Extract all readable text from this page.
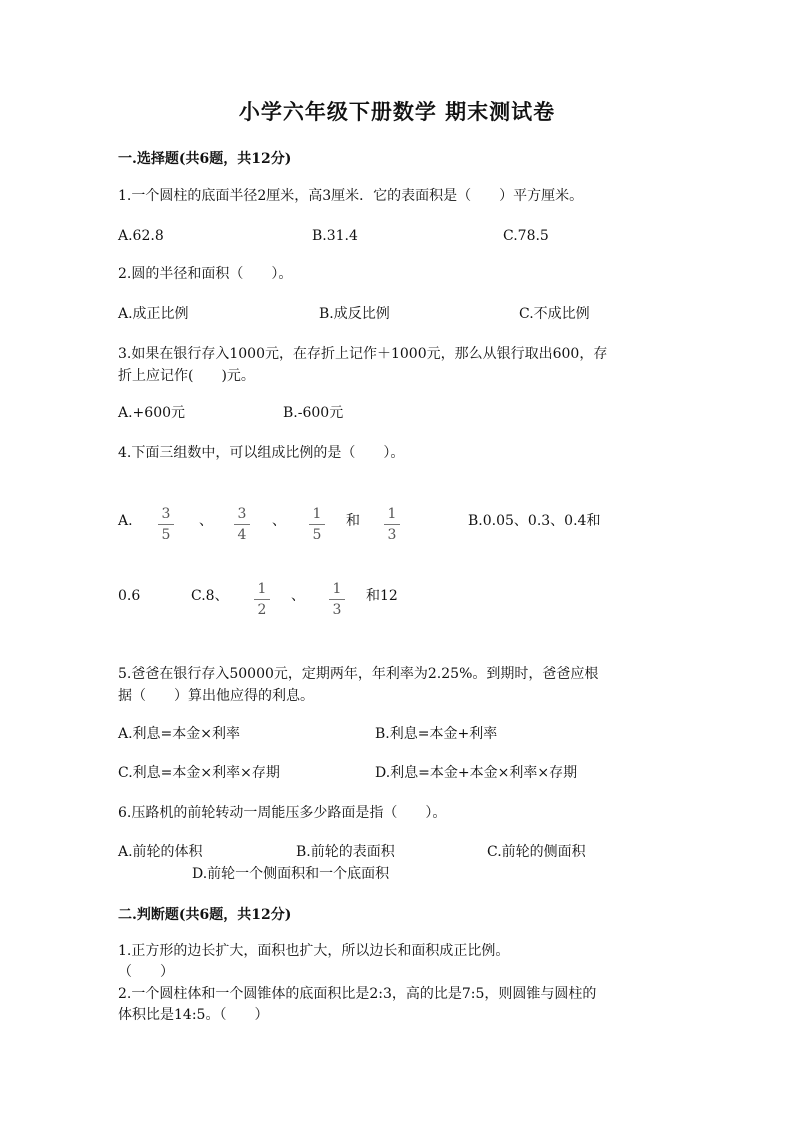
小学六年级下册数学 期末测试卷
一.选择题(共6题，共12分)
1.一个圆柱的底面半径2厘米，高3厘米．它的表面积是（　　）平方厘米。
A.62.8	B.31.4	C.78.5
2.圆的半径和面积（　　）。
A.成正比例	B.成反比例	C.不成比例
3.如果在银行存入1000元，在存折上记作＋1000元，那么从银行取出600，存
折上应记作(　　)元。
A.+600元	B.-600元
4.下面三组数中，可以组成比例的是（　　）。
A.	3
5
、	3
4
、	1
5
和	1
3
B.0.05、0.3、0.4和
0.6	C.8、	1
2
、	1
3
和12
5.爸爸在银行存入50000元，定期两年，年利率为2.25%。到期时，爸爸应根
据（　　）算出他应得的利息。
A.利息=本金×利率	B.利息=本金+利率
C.利息=本金×利率×存期	D.利息=本金+本金×利率×存期
6.压路机的前轮转动一周能压多少路面是指（　　）。
A.前轮的体积	B.前轮的表面积	C.前轮的侧面积
D.前轮一个侧面积和一个底面积
二.判断题(共6题，共12分)
1.正方形的边长扩大，面积也扩大，所以边长和面积成正比例。
（　　）
2.一个圆柱体和一个圆锥体的底面积比是2:3，高的比是7:5，则圆锥与圆柱的
体积比是14:5。（　　）
